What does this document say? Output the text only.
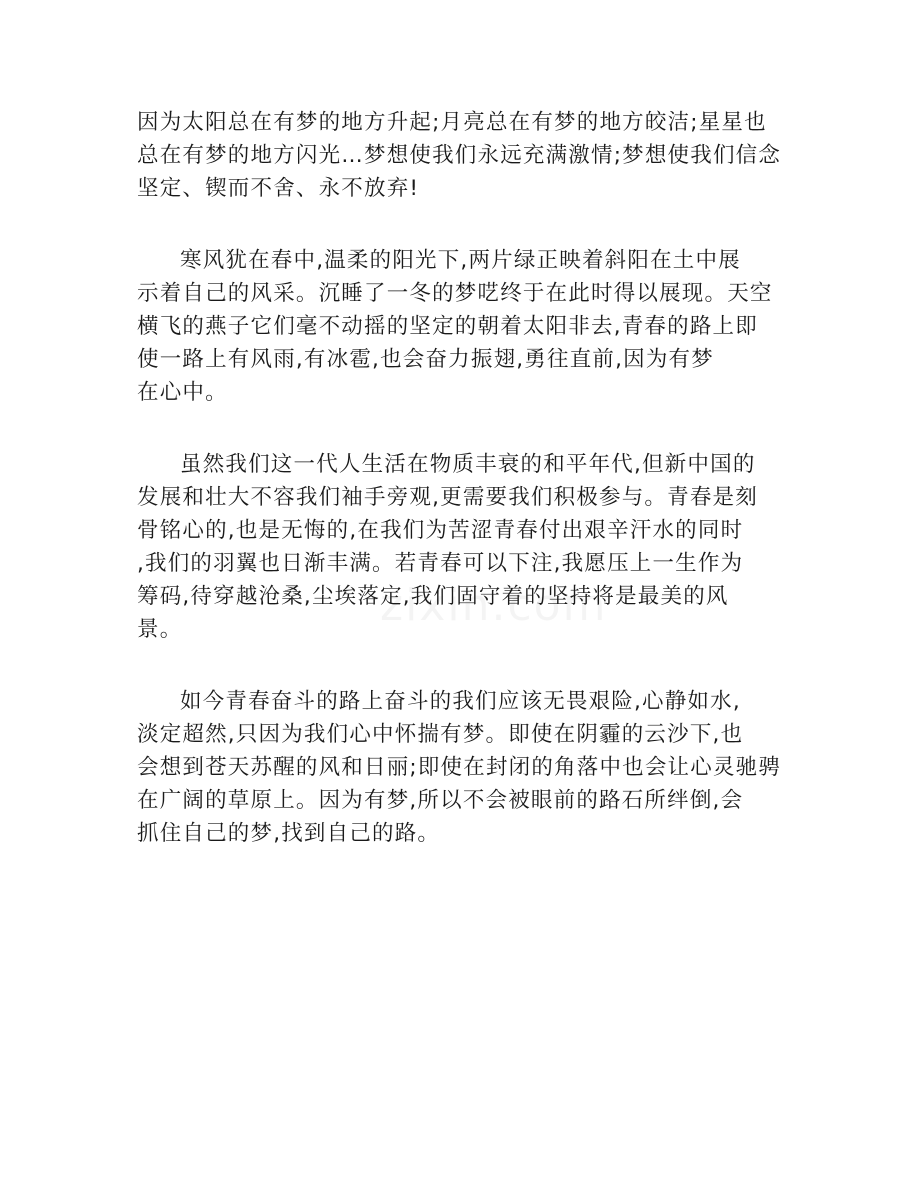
因为太阳总在有梦的地方升起;月亮总在有梦的地方皎洁;星星也
总在有梦的地方闪光…梦想使我们永远充满激情;梦想使我们信念
坚定、锲而不舍、永不放弃!
寒风犹在春中,温柔的阳光下,两片绿正映着斜阳在土中展
示着自己的风采。沉睡了一冬的梦呓终于在此时得以展现。天空
横飞的燕子它们毫不动摇的坚定的朝着太阳非去,青春的路上即
使一路上有风雨,有冰雹,也会奋力振翅,勇往直前,因为有梦
在心中。
虽然我们这一代人生活在物质丰衰的和平年代,但新中国的
发展和壮大不容我们袖手旁观,更需要我们积极参与。青春是刻
骨铭心的,也是无悔的,在我们为苦涩青春付出艰辛汗水的同时
,我们的羽翼也日渐丰满。若青春可以下注,我愿压上一生作为
筹码,待穿越沧桑,尘埃落定,我们固守着的坚持将是最美的风
景。
如今青春奋斗的路上奋斗的我们应该无畏艰险,心静如水,
淡定超然,只因为我们心中怀揣有梦。即使在阴霾的云沙下,也
会想到苍天苏醒的风和日丽;即使在封闭的角落中也会让心灵驰骋
在广阔的草原上。因为有梦,所以不会被眼前的路石所绊倒,会
抓住自己的梦,找到自己的路。
